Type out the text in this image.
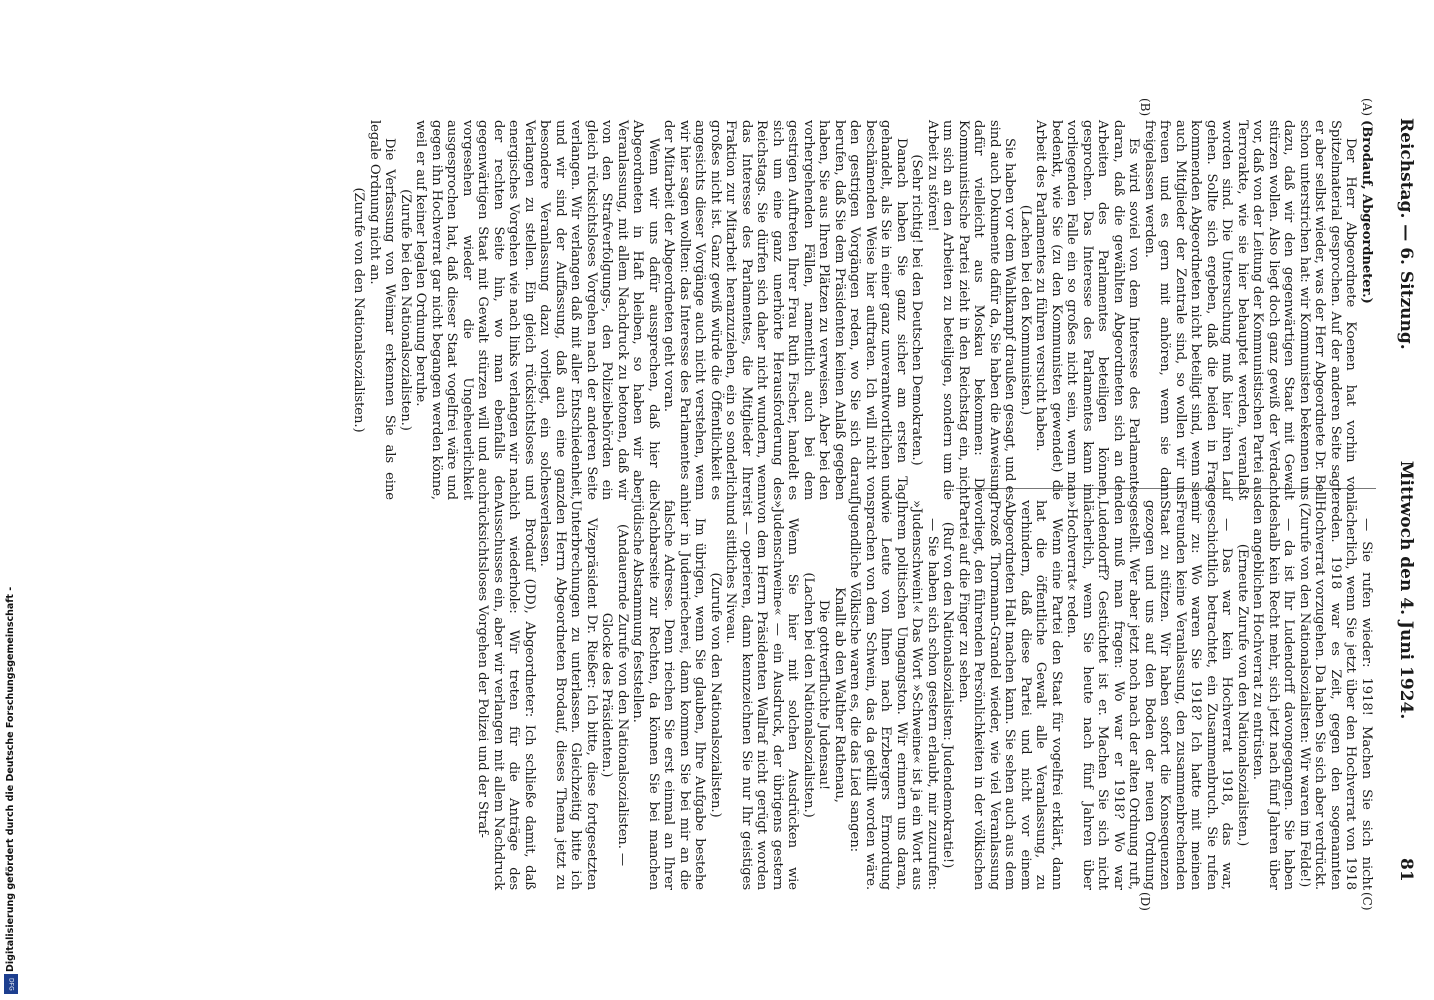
Reichstag. — 6. Sitzung.
Mittwoch den 4. Juni 1924.
81
(A)
(B)
(C)
(D)

(Brodauf, Abgeordneter.)

Der Herr Abgeordnete Koenen hat vorhin von Spitzelmaterial gesprochen. Auf der anderen Seite sagte er aber selbst wieder, was der Herr Abgeordnete Dr. Bell schon unterstrichen hat: wir Kommunisten bekennen uns dazu, daß wir den gegenwärtigen Staat mit Gewalt stürzen wollen. Also liegt doch ganz gewiß der Verdacht vor, daß von der Leitung der Kommunistischen Partei aus Terrorakte, wie sie hier behauptet werden, veranlaßt worden sind. Die Untersuchung muß hier ihren Lauf gehen. Sollte sich ergeben, daß die beiden in Frage kommenden Abgeordneten nicht beteiligt sind, wenn sie auch Mitglieder der Zentrale sind, so wollen wir uns freuen und es gern mit anhören, wenn sie dann freigelassen werden.

Es wird soviel von dem Interesse des Parlamentes daran, daß die gewählten Abgeordneten sich an den Arbeiten des Parlamentes beteiligen können, gesprochen. Das Interesse des Parlamentes kann im vorliegenden Falle ein so großes nicht sein, wenn man bedenkt, wie Sie (zu den Kommunisten gewendet) die Arbeit des Parlamentes zu führen versucht haben.

(Lachen bei den Kommunisten.)

Sie haben vor dem Wahlkampf draußen gesagt, und es sind auch Dokumente dafür da, Sie haben die Anweisung dafür vielleicht aus Moskau bekommen: Die Kommunistische Partei zieht in den Reichstag ein, nicht um sich an den Arbeiten zu beteiligen, sondern um die Arbeit zu stören!

(Sehr richtig! bei den Deutschen Demokraten.)

Danach haben Sie ganz sicher am ersten Tag gehandelt, als Sie in einer ganz unverantwortlichen und beschämenden Weise hier auftraten. Ich will nicht von den gestrigen Vorgängen reden, wo Sie sich darauf berufen, daß Sie dem Präsidenten keinen Anlaß gegeben haben, Sie aus Ihren Plätzen zu verweisen. Aber bei den vorhergehenden Fällen, namentlich auch bei dem gestrigen Auftreten Ihrer Frau Ruth Fischer, handelt es sich um eine ganz unerhörte Herausforderung des Reichstags. Sie dürfen sich daher nicht wundern, wenn das Interesse des Parlamentes, die Mitglieder Ihrer Fraktion zur Mitarbeit heranzuziehen, ein so sonderlich großes nicht ist. Ganz gewiß würde die Öffentlichkeit es angesichts dieser Vorgänge auch nicht verstehen, wenn wir hier sagen wollten: das Interesse des Parlamentes an der Mitarbeit der Abgeordneten geht voran.

Wenn wir uns dafür aussprechen, daß hier die Abgeordneten in Haft bleiben, so haben wir aber Veranlassung, mit allem Nachdruck zu betonen, daß wir von den Strafverfolgungs-, den Polizeibehörden ein gleich rücksichtsloses Vorgehen nach der anderen Seite verlangen. Wir verlangen daß mit aller Entschiedenheit, und wir sind der Auffassung, daß auch eine ganz besondere Veranlassung dazu vorliegt, ein solches Verlangen zu stellen. Ein gleich rücksichtsloses und energisches Vorgehen wie nach links verlangen wir nach der rechten Seite hin, wo man ebenfalls den gegenwärtigen Staat mit Gewalt stürzen will und auch vorgesehen wieder die Ungeheuerlichkeit ausgesprochen hat, daß dieser Staat vogelfrei wäre und gegen ihn Hochverrat gar nicht begangen werden könne, weil er auf keiner legalen Ordnung beruhe.

(Zurufe bei den Nationalsozialisten.)

Die Verfassung von Weimar erkennen Sie als eine legale Ordnung nicht an.

(Zurufe von den Nationalsozialisten.)

— Sie rufen wieder: 1918! Machen Sie sich nicht lächerlich, wenn Sie jetzt über den Hochverrat von 1918 reden. 1918 war es Zeit, gegen den sogenannten Hochverrat vorzugehen. Da haben Sie sich aber verdrückt.

(Zurufe von den Nationalsozialisten: Wir waren im Felde!)

— da ist Ihr Ludendorff davongegangen. Sie haben deshalb kein Recht mehr, sich jetzt nach fünf Jahren über den angeblichen Hochverrat zu entrüsten.

(Erneute Zurufe von den Nationalsozialisten.)

— Das war kein Hochverrat 1918, das war, geschichtlich betrachtet, ein Zusammenbruch. Sie rufen mir zu: Wo waren Sie 1918? Ich hatte mit meinen Freunden keine Veranlassung, den zusammenbrechenden Staat zu stützen. Wir haben sofort die Konsequenzen gezogen und uns auf den Boden der neuen Ordnung gestellt. Wer aber jetzt noch nach der alten Ordnung ruft, den muß man fragen: Wo war er 1918? Wo war Ludendorff? Gestüchtet ist er. Machen Sie sich nicht lächerlich, wenn Sie heute nach fünf Jahren über »Hochverrat« reden.

Wenn eine Partei den Staat für vogelfrei erklärt, dann hat die öffentliche Gewalt alle Veranlassung, zu verhindern, daß diese Partei und nicht vor einem Abgeordneten Halt machen kann. Sie sehen auch aus dem Prozeß Thormann-Grandel wieder, wie viel Veranlassung vorliegt, den führenden Persönlichkeiten in der völkischen Partei auf die Finger zu sehen.

(Ruf von den Nationalsozialisten: Judendemokratie!)

— Sie haben sich schon gestern erlaubt, mir zuzurufen: »Judenschwein!« Das Wort »Schweine« ist ja ein Wort aus Ihrem politischen Umgangston. Wir erinnern uns daran, wie Leute von Ihnen nach Erzbergers Ermordung sprachen von dem Schwein, das da gekillt worden wäre. Jugendliche Völkische waren es, die das Lied sangen:

Knallt ab den Walther Rathenau,
Die gottverfluchte Judensau!

(Lachen bei den Nationalsozialisten.)

Wenn Sie hier mit solchen Ausdrücken wie »Judenschweine« — ein Ausdruck, der übrigens gestern von dem Herrn Präsidenten Wallraf nicht gerügt worden ist — operieren, dann kennzeichnen Sie nur Ihr geistiges und sittliches Niveau.

(Zurufe von den Nationalsozialisten.)

Im übrigen, wenn Sie glauben, Ihre Aufgabe bestehe hier in Judenriecherei, dann kommen Sie bei mir an die falsche Adresse. Denn riechen Sie erst einmal an Ihrer Nachbarseite zur Rechten, da können Sie bei manchen jüdische Abstammung feststellen.

(Andauernde Zurufe von den Nationalsozialisten. — Glocke des Präsidenten.)

Vizepräsident Dr. Rießer: Ich bitte, diese fortgesetzten Unterbrechungen zu unterlassen. Gleichzeitig bitte ich den Herrn Abgeordneten Brodauf, dieses Thema jetzt zu verlassen.

Brodauf (DD), Abgeordneter: Ich schließe damit, daß ich wiederhole: Wir treten für die Anträge des Ausschusses ein, aber wir verlangen mit allem Nachdruck rücksichtsloses Vorgehen der Polizei und der Straf-

Digitalisierung gefördert durch die Deutsche Forschungsgemeinschaft -
DFG
